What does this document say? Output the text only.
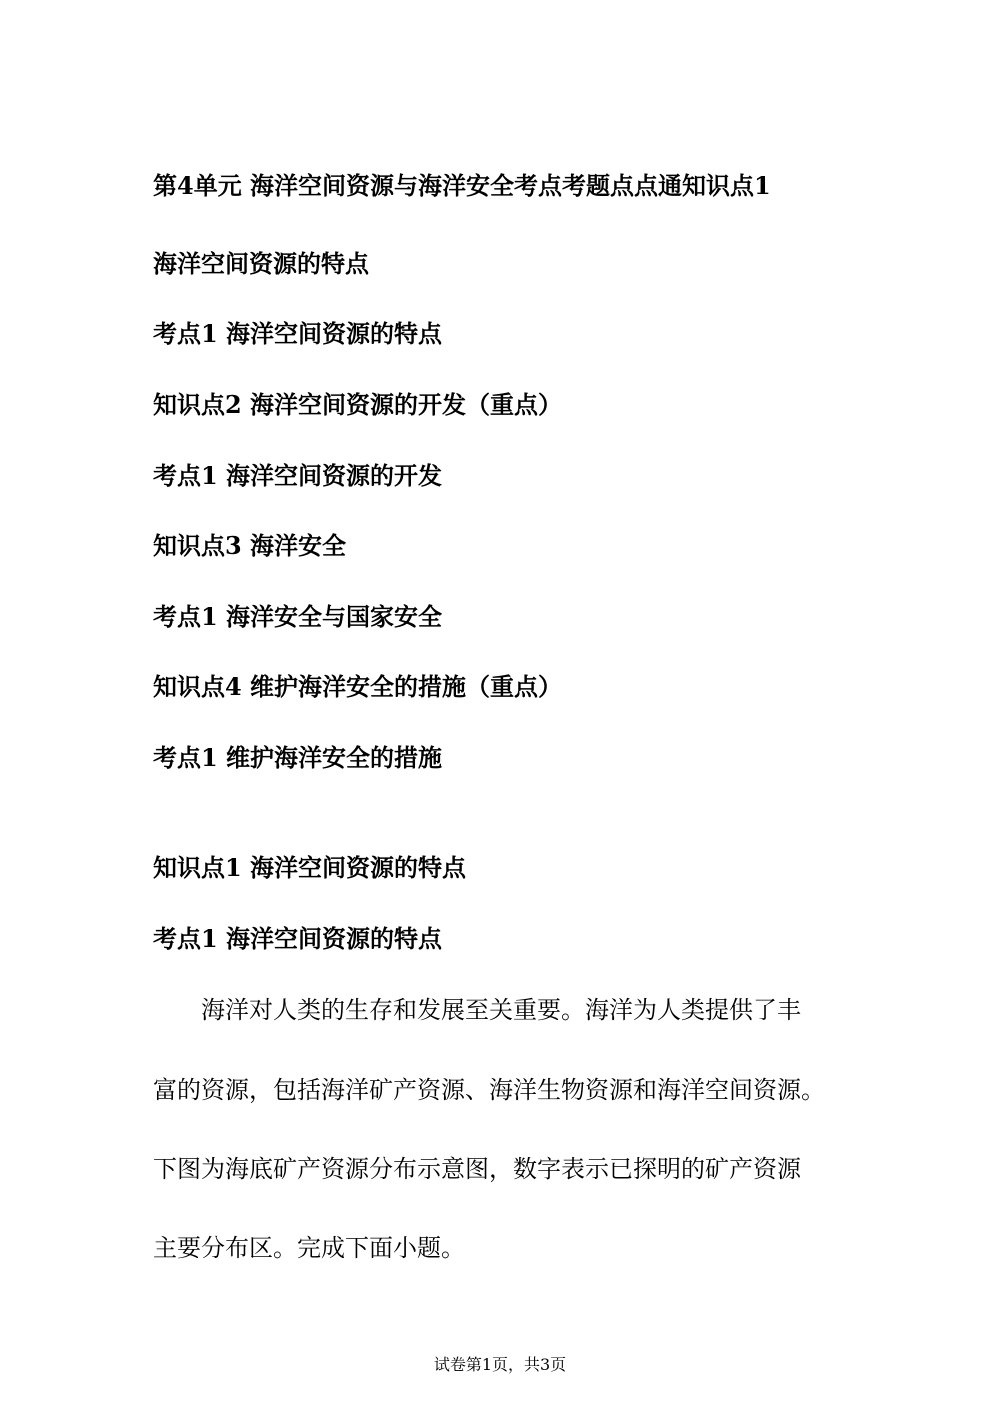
第4单元 海洋空间资源与海洋安全考点考题点点通知识点1
海洋空间资源的特点
考点1 海洋空间资源的特点
知识点2 海洋空间资源的开发（重点）
考点1 海洋空间资源的开发
知识点3 海洋安全
考点1 海洋安全与国家安全
知识点4 维护海洋安全的措施（重点）
考点1 维护海洋安全的措施
知识点1 海洋空间资源的特点
考点1 海洋空间资源的特点
海洋对人类的生存和发展至关重要。海洋为人类提供了丰
富的资源，包括海洋矿产资源、海洋生物资源和海洋空间资源。
下图为海底矿产资源分布示意图，数字表示已探明的矿产资源
主要分布区。完成下面小题。
试卷第1页，共3页
